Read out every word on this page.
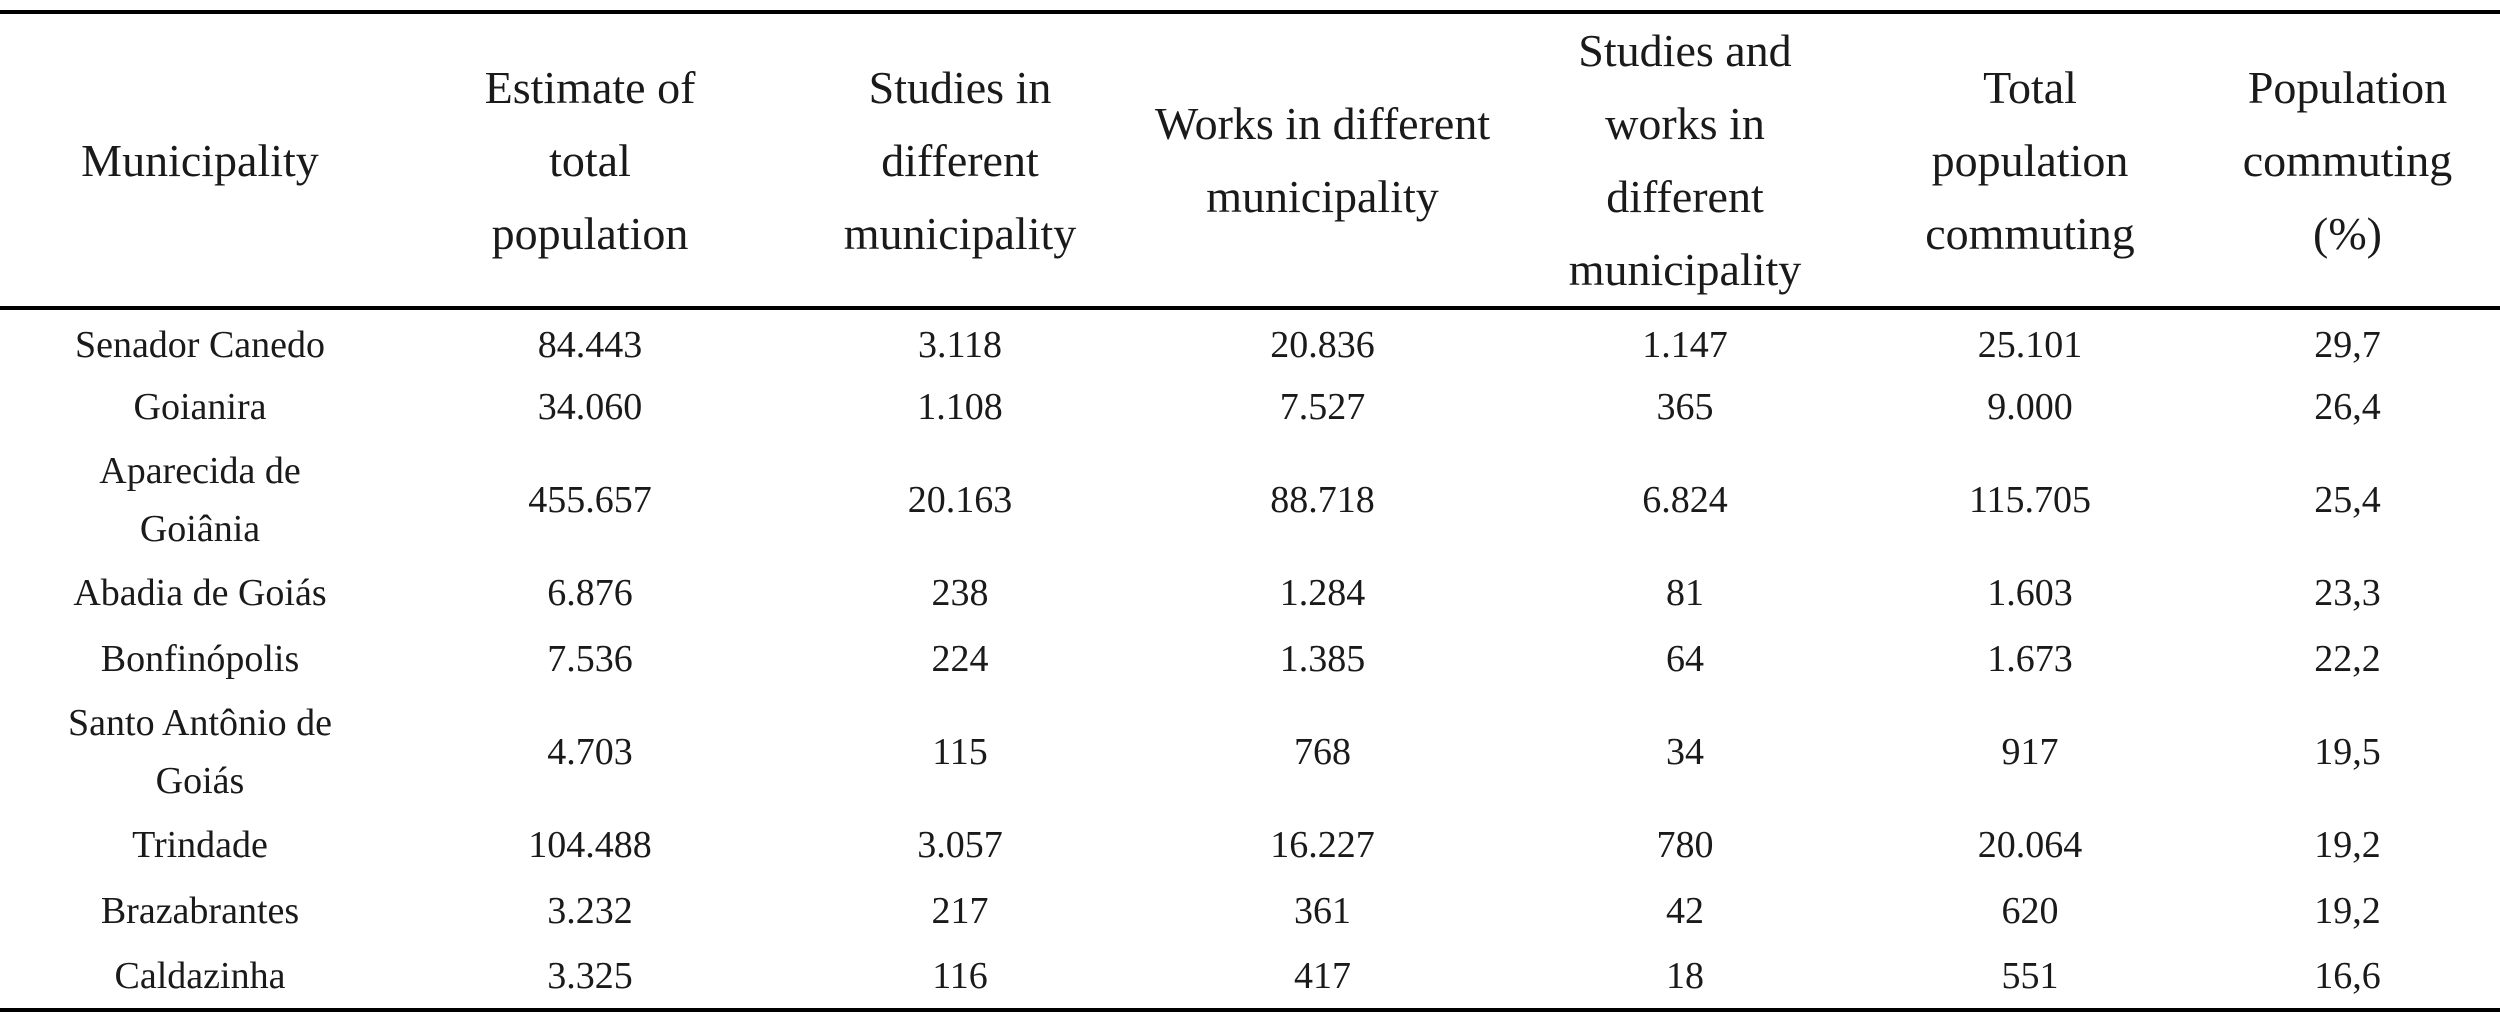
Municipality	Estimate of total population	Studies in different municipality	Works in different municipality	Studies and works in different municipality	Total population commuting	Population commuting (%)
Senador Canedo	84.443	3.118	20.836	1.147	25.101	29,7
Goianira	34.060	1.108	7.527	365	9.000	26,4
Aparecida de Goiânia	455.657	20.163	88.718	6.824	115.705	25,4
Abadia de Goiás	6.876	238	1.284	81	1.603	23,3
Bonfinópolis	7.536	224	1.385	64	1.673	22,2
Santo Antônio de Goiás	4.703	115	768	34	917	19,5
Trindade	104.488	3.057	16.227	780	20.064	19,2
Brazabrantes	3.232	217	361	42	620	19,2
Caldazinha	3.325	116	417	18	551	16,6
